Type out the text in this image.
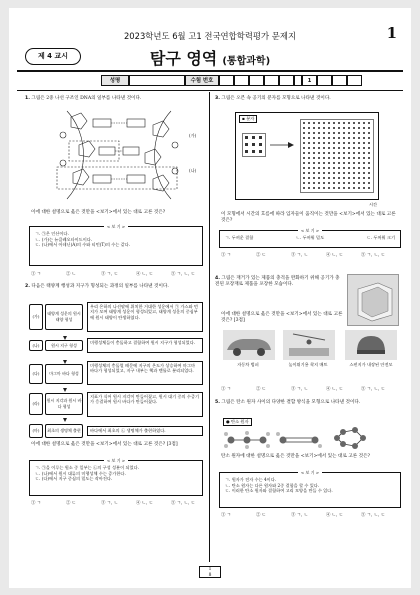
2023학년도 6월 고1 전국연합학력평가 문제지	1
제 4 교시	탐구 영역 (통합과학)
성명	수험 번호	1
1. 그림은 2중 나선 구조인 DNA의 일부를 나타낸 것이다.
(가)
(나)
이에 대한 설명으로 옳은 것만을 <보기>에서 있는 대로 고른 것은?
< 보 기 >
ㄱ. ㉠은 인산이다.
ㄴ. (가)는 뉴클레오타이드이다.
ㄷ. (나)에서 아데닌(A)의 수와 티민(T)의 수는 같다.
① ㄱ	② ㄴ	③ ㄱ, ㄷ	④ ㄴ, ㄷ	⑤ ㄱ, ㄴ, ㄷ
2. 다음은 태양계 행성과 지구가 형성되는 과정의 일부를 나타낸 것이다.
(가)
태양계 성운의 원시 태양 형성
우리 은하의 나선팔에 위치한 거대한 성운에서 ㉠ 가스와 먼지가 모여 태양계 성운이 형성되었고, 태양계 성운의 중심부에 원시 태양이 탄생하였다.
(나)	원시 지구 형성	미행성체들이 충돌하고 결합하여 원시 지구가 형성되었다.
(다)	마그마 바다 형성
미행성체의 충돌열 때문에 지구의 온도가 상승하여 마그마 바다가 형성되었고, 지구 내부는 핵과 맨틀로 분리되었다.
(라)
원시 지각과 원시 바다 형성
지표가 식어 원시 지각이 만들어졌고, 원시 대기 중의 수증기가 응결하여 원시 바다가 만들어졌다.
(마)	최초의 생명체 출현	바다에서 최초의 ㉡ 생명체가 출현하였다.
이에 대한 설명으로 옳은 것만을 <보기>에서 있는 대로 고른 것은? [3점]
< 보 기 >
ㄱ. ㉠을 이루는 원소 중 일부는 ㉡의 구성 성분이 되었다.
ㄴ. (나)에서 원시 대류의 미행성체 수는 증가한다.
ㄷ. (다)에서 지구 중심의 밀도는 작아진다.
① ㄱ	② ㄷ	③ ㄱ, ㄴ	④ ㄴ, ㄷ	⑤ ㄱ, ㄴ, ㄷ
3. 그림은 오븐 속 공기의 분자를 모형으로 나타낸 것이다.
▪ 분자
시간
이 모형에서 시간의 흐름에 따라 입자들이 움직이는 것만을 <보기>에서 있는 대로 고른 것은?
< 보 기 >
ㄱ. 두꺼운 결합	ㄴ. 두꺼워 밀도	ㄷ. 두꺼워 크기
① ㄱ	② ㄷ	③ ㄱ, ㄴ	④ ㄴ, ㄷ	⑤ ㄱ, ㄴ, ㄷ
4. 그림은 재거가 있는 제품의 충격을 완화하기 위해 공기가 충전된 포장재로 제품을 포장한 모습이다.
이에 대한 설명으로 옳은 것만을 <보기>에서 있는 대로 고른 것은? [3점]
자동차 범퍼	높이뛰기용 착지 매트	스펀지가 내장된 안전모
① ㄱ	② ㄷ	③ ㄱ, ㄴ	④ ㄴ, ㄷ	⑤ ㄱ, ㄴ, ㄷ
5. 그림은 탄소 원자 사이의 다양한 결합 방식을 모형으로 나타낸 것이다.
● 탄소 원자
탄소 원자에 대한 설명으로 옳은 것만을 <보기>에서 있는 대로 고른 것은?
< 보 기 >
ㄱ. 원자가 전자 수는 4이다.
ㄴ. 탄소 원자는 다른 원자와 2중 결합을 할 수 있다.
ㄷ. 이러한 탄소 원자와 결합하여 고리 모양을 만들 수 있다.
① ㄱ	② ㄷ	③ ㄱ, ㄴ	④ ㄴ, ㄷ	⑤ ㄱ, ㄴ, ㄷ
1
8
